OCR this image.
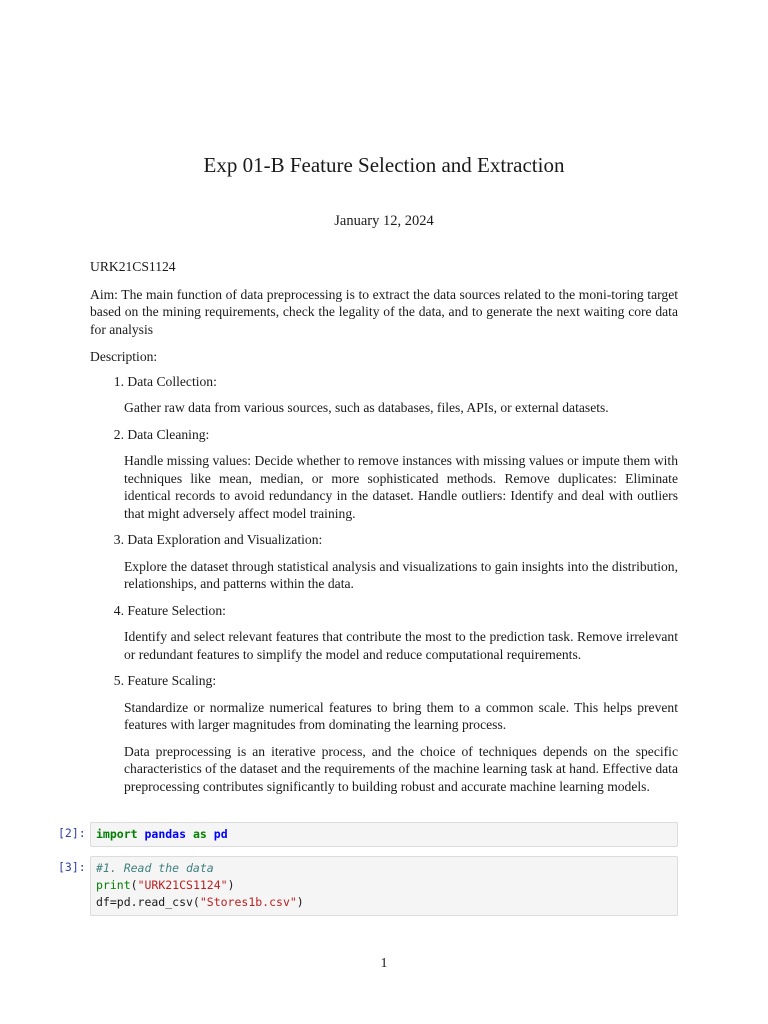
Exp 01-B Feature Selection and Extraction
January 12, 2024

URK21CS1124

Aim: The main function of data preprocessing is to extract the data sources related to the moni-toring target based on the mining requirements, check the legality of the data, and to generate the next waiting core data for analysis

Description:

1. Data Collection:

Gather raw data from various sources, such as databases, files, APIs, or external datasets.

2. Data Cleaning:

Handle missing values: Decide whether to remove instances with missing values or impute them with techniques like mean, median, or more sophisticated methods. Remove duplicates: Eliminate identical records to avoid redundancy in the dataset. Handle outliers: Identify and deal with outliers that might adversely affect model training.

3. Data Exploration and Visualization:

Explore the dataset through statistical analysis and visualizations to gain insights into the distribution, relationships, and patterns within the data.

4. Feature Selection:

Identify and select relevant features that contribute the most to the prediction task. Remove irrelevant or redundant features to simplify the model and reduce computational requirements.

5. Feature Scaling:

Standardize or normalize numerical features to bring them to a common scale. This helps prevent features with larger magnitudes from dominating the learning process.

Data preprocessing is an iterative process, and the choice of techniques depends on the specific characteristics of the dataset and the requirements of the machine learning task at hand. Effective data preprocessing contributes significantly to building robust and accurate machine learning models.

[2]: import pandas as pd
[3]: #1. Read the data
print("URK21CS1124")
df=pd.read_csv("Stores1b.csv")
1
